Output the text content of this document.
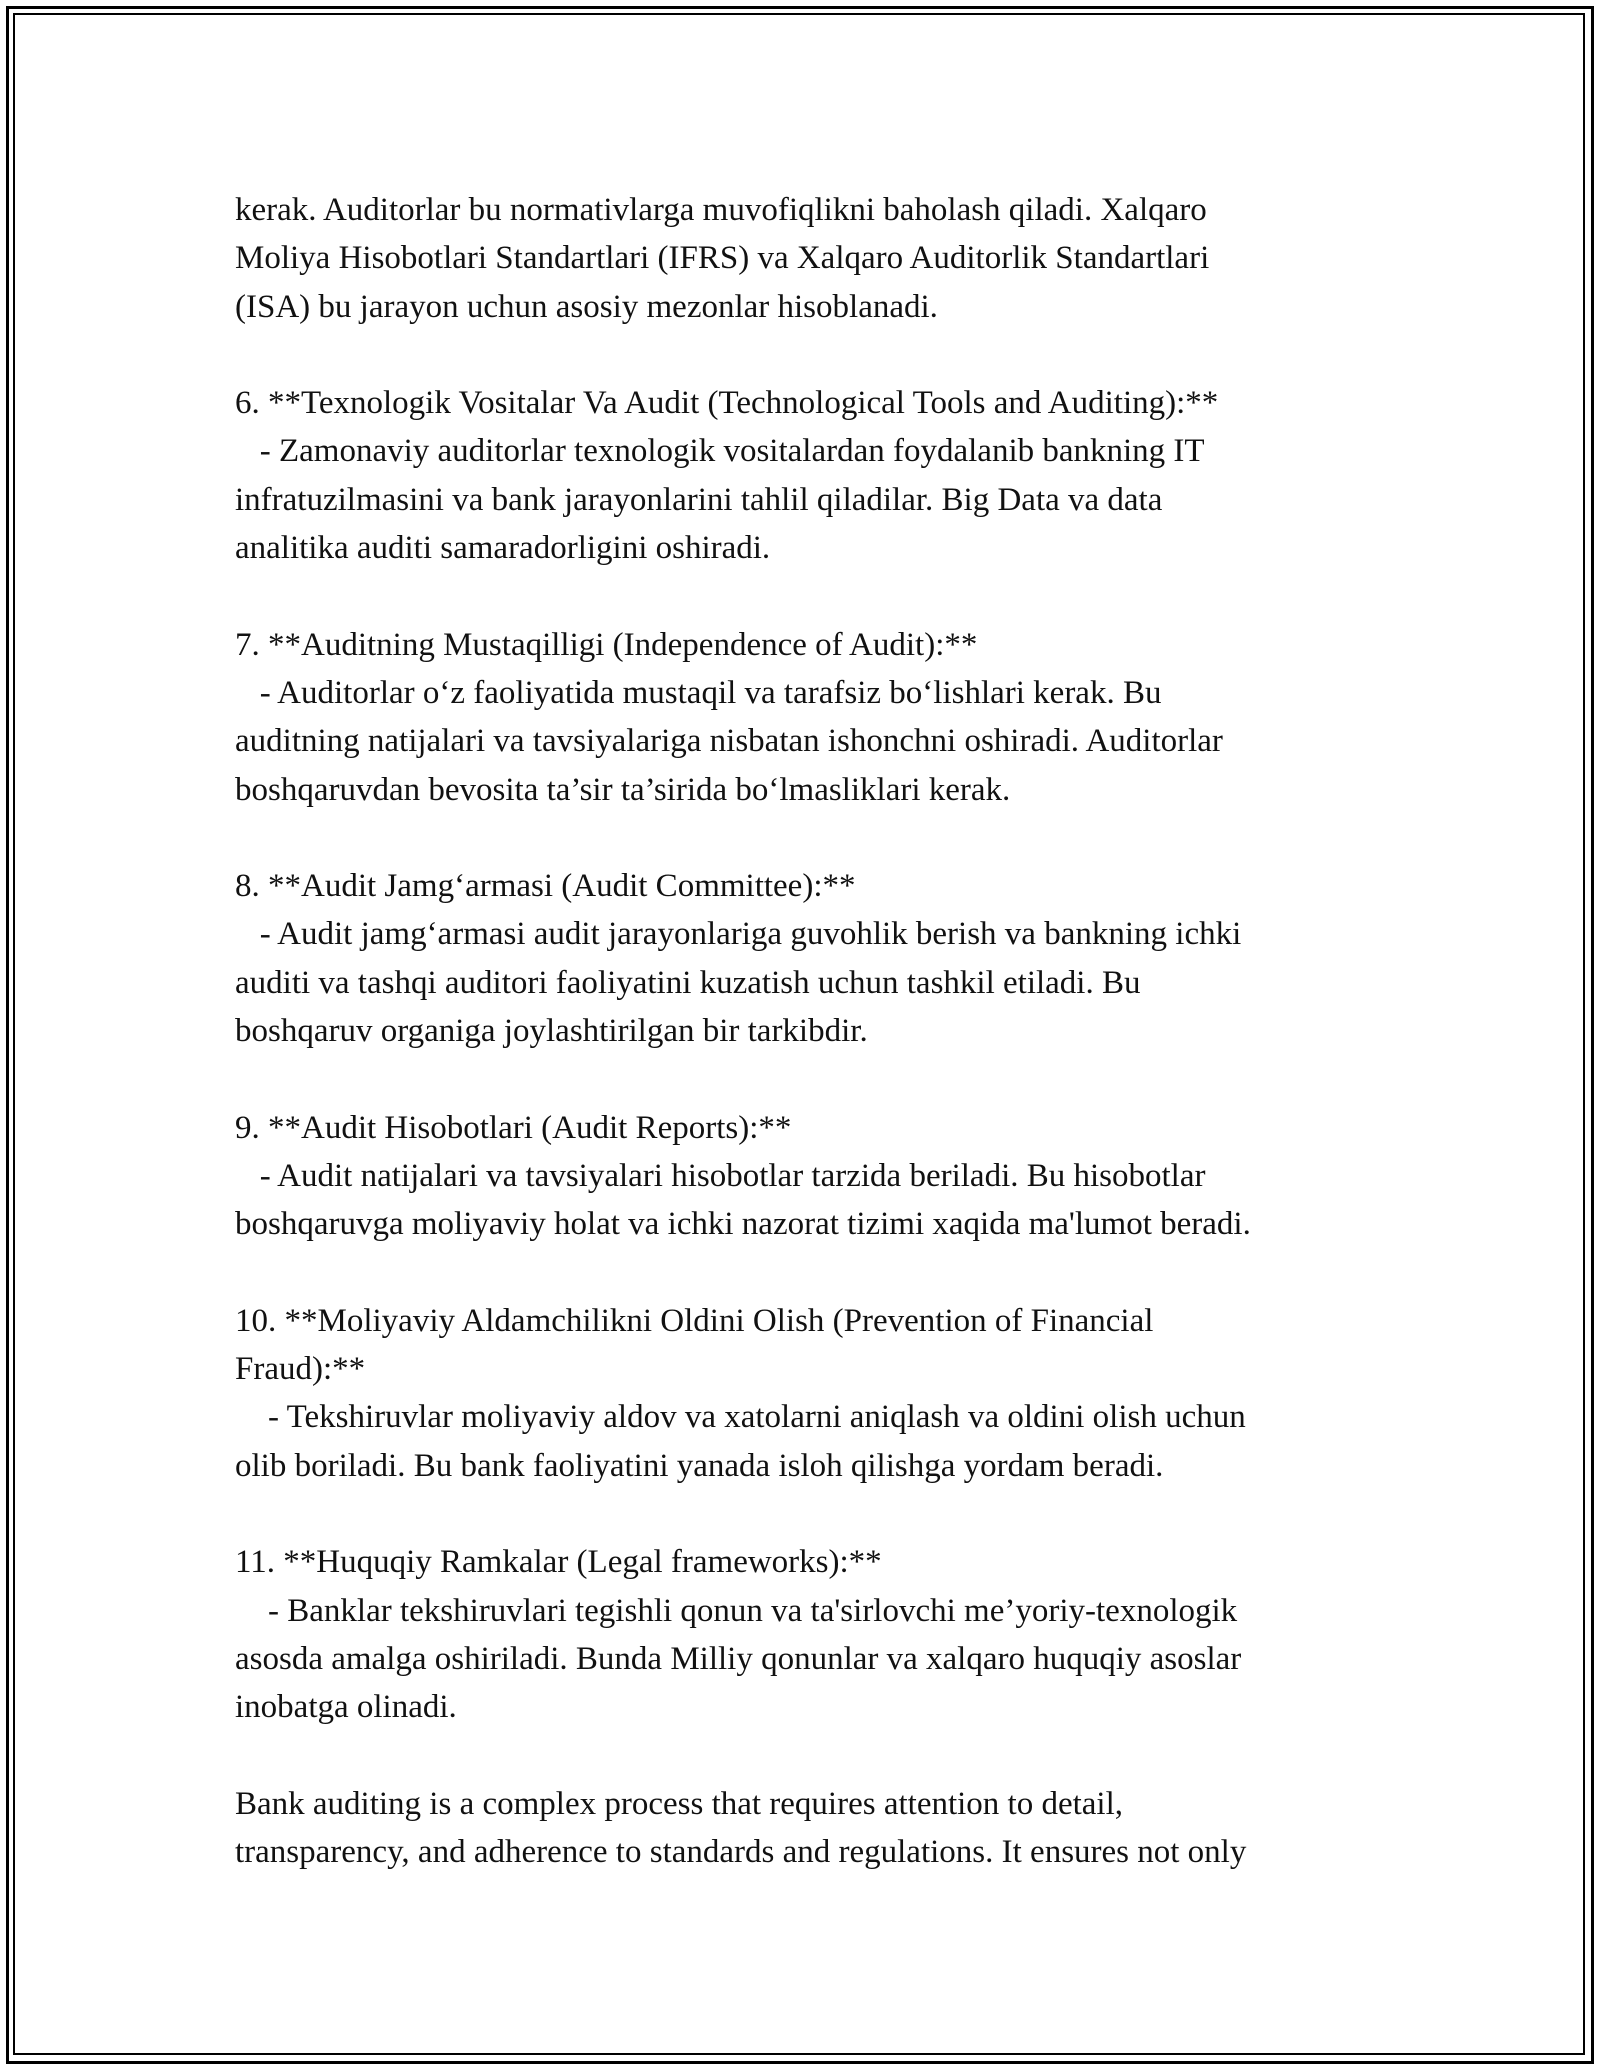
kerak. Auditorlar bu normativlarga muvofiqlikni baholash qiladi. Xalqaro
Moliya Hisobotlari Standartlari (IFRS) va Xalqaro Auditorlik Standartlari
(ISA) bu jarayon uchun asosiy mezonlar hisoblanadi.
6. **Texnologik Vositalar Va Audit (Technological Tools and Auditing):**
- Zamonaviy auditorlar texnologik vositalardan foydalanib bankning IT
infratuzilmasini va bank jarayonlarini tahlil qiladilar. Big Data va data
analitika auditi samaradorligini oshiradi.
7. **Auditning Mustaqilligi (Independence of Audit):**
- Auditorlar o‘z faoliyatida mustaqil va tarafsiz bo‘lishlari kerak. Bu
auditning natijalari va tavsiyalariga nisbatan ishonchni oshiradi. Auditorlar
boshqaruvdan bevosita ta’sir ta’sirida bo‘lmasliklari kerak.
8. **Audit Jamg‘armasi (Audit Committee):**
- Audit jamg‘armasi audit jarayonlariga guvohlik berish va bankning ichki
auditi va tashqi auditori faoliyatini kuzatish uchun tashkil etiladi. Bu
boshqaruv organiga joylashtirilgan bir tarkibdir.
9. **Audit Hisobotlari (Audit Reports):**
- Audit natijalari va tavsiyalari hisobotlar tarzida beriladi. Bu hisobotlar
boshqaruvga moliyaviy holat va ichki nazorat tizimi xaqida ma'lumot beradi.
10. **Moliyaviy Aldamchilikni Oldini Olish (Prevention of Financial
Fraud):**
- Tekshiruvlar moliyaviy aldov va xatolarni aniqlash va oldini olish uchun
olib boriladi. Bu bank faoliyatini yanada isloh qilishga yordam beradi.
11. **Huquqiy Ramkalar (Legal frameworks):**
- Banklar tekshiruvlari tegishli qonun va ta'sirlovchi me’yoriy-texnologik
asosda amalga oshiriladi. Bunda Milliy qonunlar va xalqaro huquqiy asoslar
inobatga olinadi.
Bank auditing is a complex process that requires attention to detail,
transparency, and adherence to standards and regulations. It ensures not only
